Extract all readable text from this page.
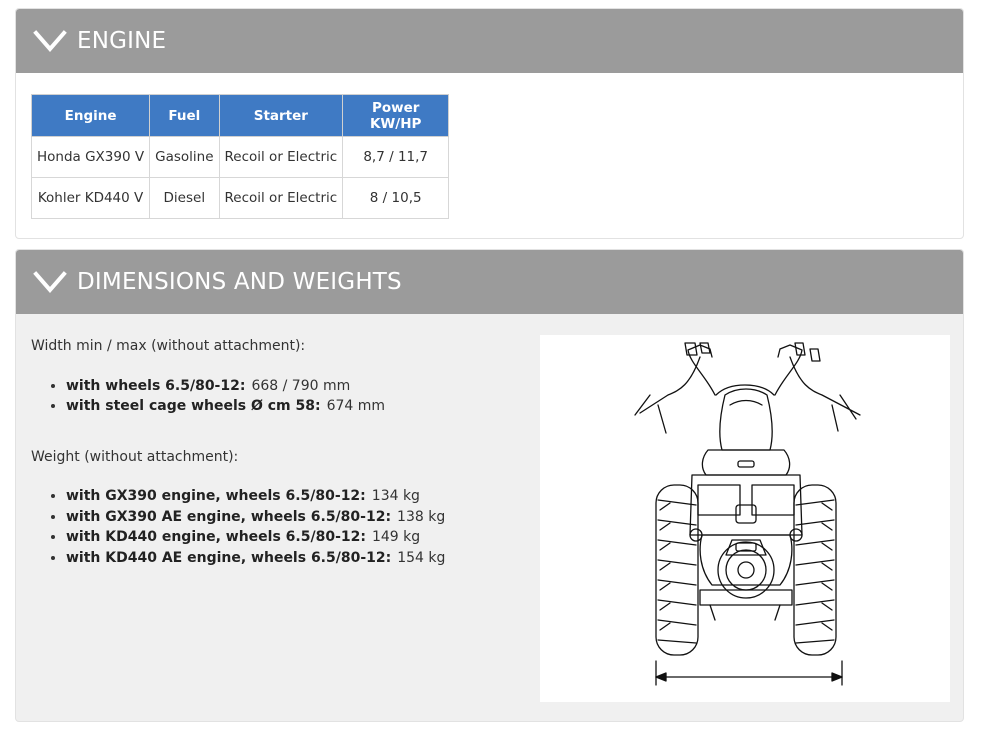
ENGINE
Engine	Fuel	Starter	Power KW/HP
Honda GX390 V	Gasoline	Recoil or Electric	8,7 / 11,7
Kohler KD440 V	Diesel	Recoil or Electric	8 / 10,5
DIMENSIONS AND WEIGHTS

Width min / max (without attachment):

• with wheels 6.5/80-12: 668 / 790 mm
• with steel cage wheels Ø cm 58: 674 mm

Weight (without attachment):

• with GX390 engine, wheels 6.5/80-12: 134 kg
• with GX390 AE engine, wheels 6.5/80-12: 138 kg
• with KD440 engine, wheels 6.5/80-12: 149 kg
• with KD440 AE engine, wheels 6.5/80-12: 154 kg
